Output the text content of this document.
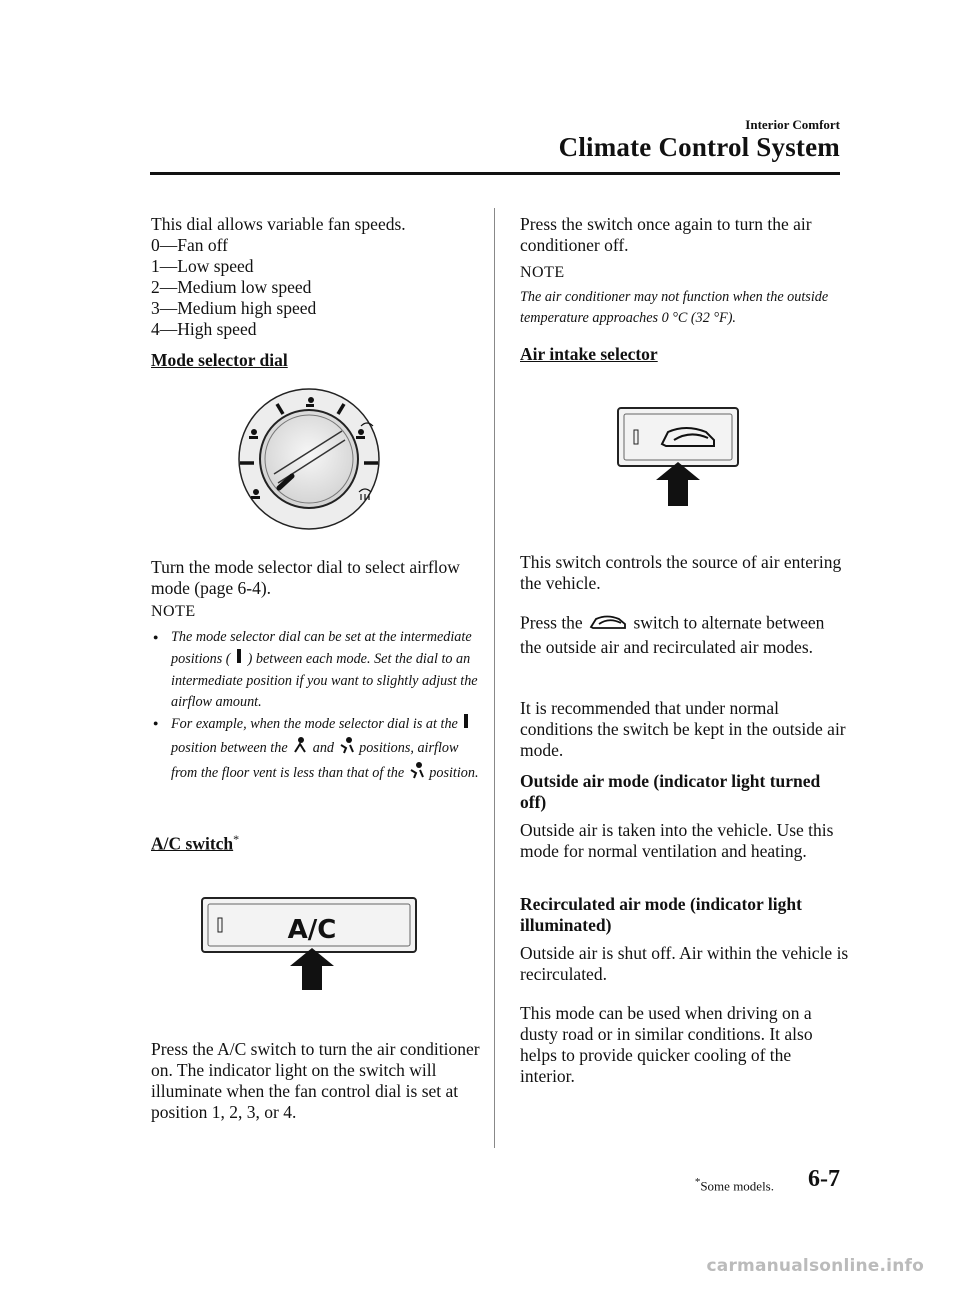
Interior Comfort
Climate Control System

This dial allows variable fan speeds.

0―Fan off

1―Low speed

2―Medium low speed

3―Medium high speed

4―High speed

Mode selector dial
Turn the mode selector dial to select airflow mode (page 6-4).
NOTE
● The mode selector dial can be set at the intermediate positions ( ) between each mode. Set the dial to an intermediate position if you want to slightly adjust the airflow amount.
● For example, when the mode selector dial is at the  position between the and positions, airflow from the floor vent is less than that of the position.
A/C switch*
A/C
Press the A/C switch to turn the air conditioner on. The indicator light on the switch will illuminate when the fan control dial is set at position 1, 2, 3, or 4.
Press the switch once again to turn the air conditioner off.
NOTE
The air conditioner may not function when the outside temperature approaches 0 °C (32 °F).
Air intake selector
This switch controls the source of air entering the vehicle.
Press the	switch to alternate between the outside air and recirculated air modes.
It is recommended that under normal conditions the switch be kept in the outside air mode.
Outside air mode (indicator light turned off)
Outside air is taken into the vehicle. Use this mode for normal ventilation and heating.
Recirculated air mode (indicator light illuminated)
Outside air is shut off. Air within the vehicle is recirculated.
This mode can be used when driving on a dusty road or in similar conditions. It also helps to provide quicker cooling of the interior.
*Some models. 6-7
carmanualsonline.info
